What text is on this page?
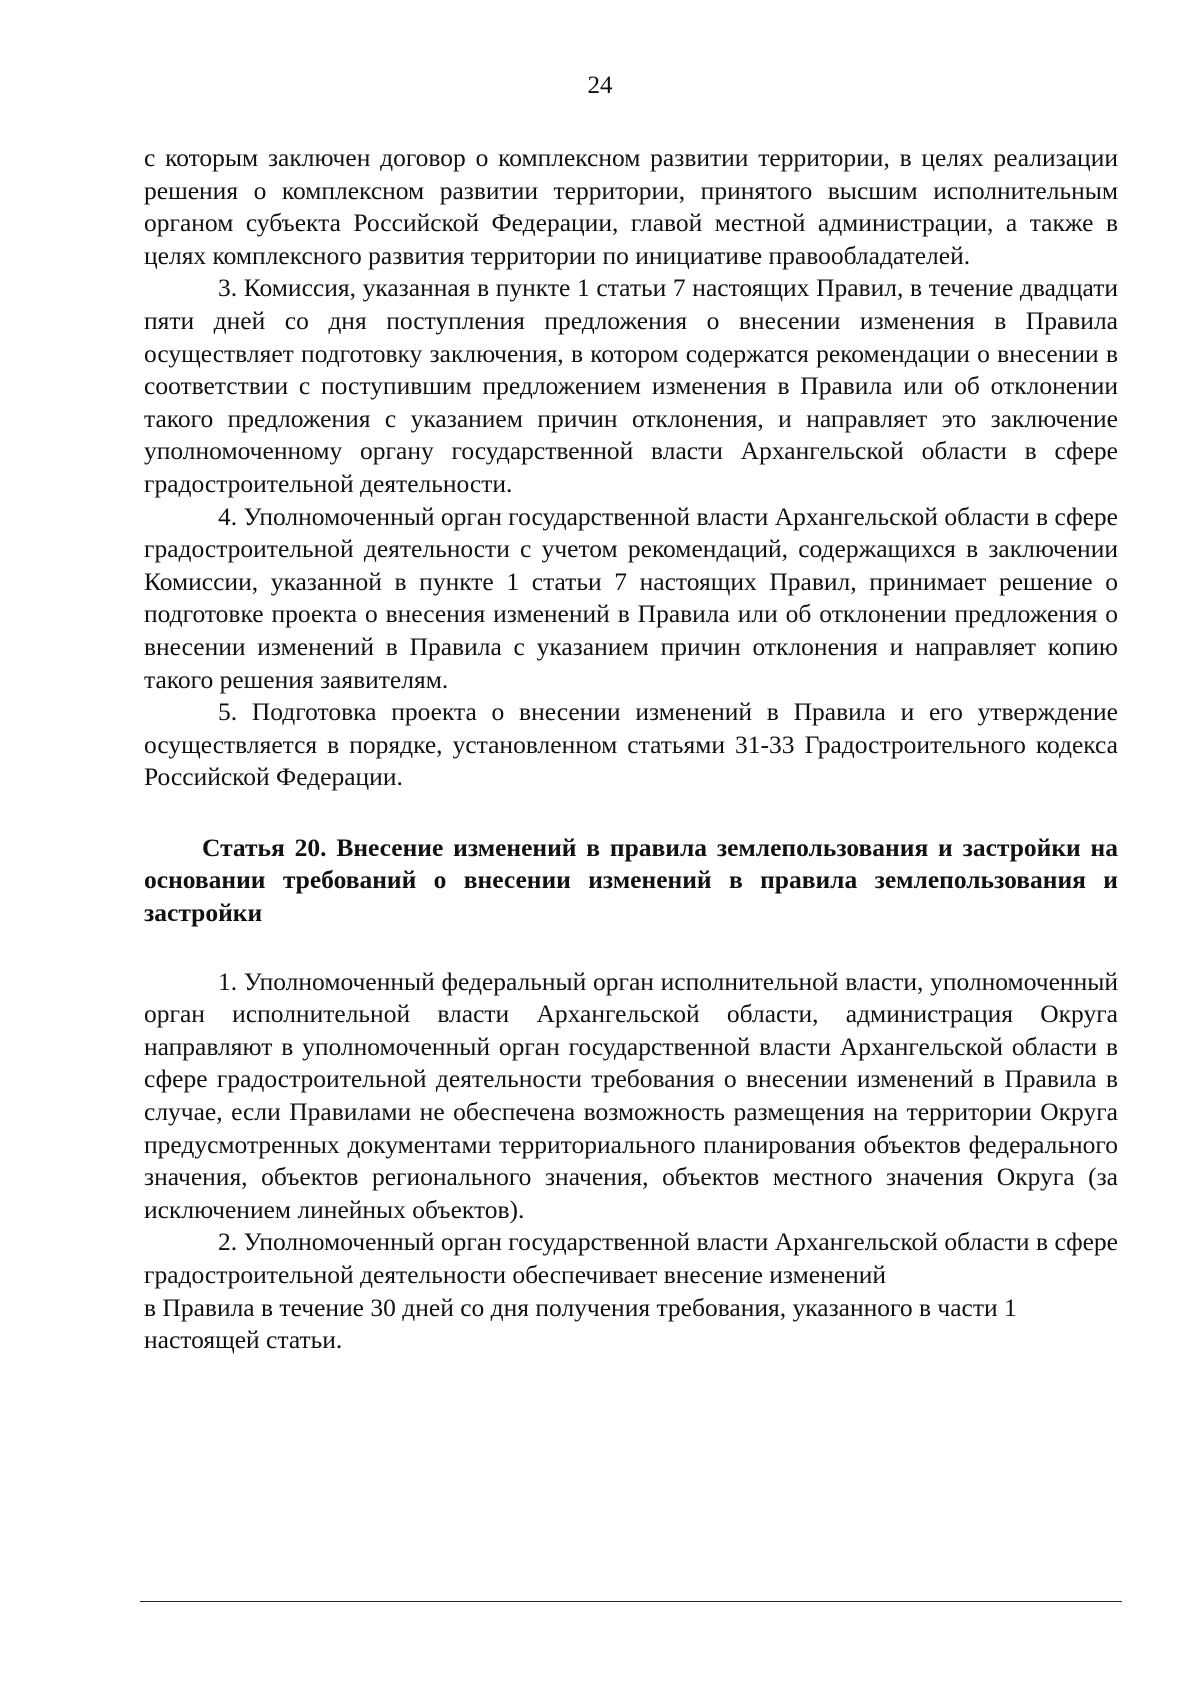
24

с которым заключен договор о комплексном развитии территории, в целях реализации решения о комплексном развитии территории, принятого высшим исполнительным органом субъекта Российской Федерации, главой местной администрации, а также в целях комплексного развития территории по инициативе правообладателей.

3. Комиссия, указанная в пункте 1 статьи 7 настоящих Правил, в течение двадцати пяти дней со дня поступления предложения о внесении изменения в Правила осуществляет подготовку заключения, в котором содержатся рекомендации о внесении в соответствии с поступившим предложением изменения в Правила или об отклонении такого предложения с указанием причин отклонения, и направляет это заключение уполномоченному органу государственной власти Архангельской области в сфере градостроительной деятельности.

4. Уполномоченный орган государственной власти Архангельской области в сфере градостроительной деятельности с учетом рекомендаций, содержащихся в заключении Комиссии, указанной в пункте 1 статьи 7 настоящих Правил, принимает решение о подготовке проекта о внесения изменений в Правила или об отклонении предложения о внесении изменений в Правила с указанием причин отклонения и направляет копию такого решения заявителям.

5. Подготовка проекта о внесении изменений в Правила и его утверждение осуществляется в порядке, установленном статьями 31-33 Градостроительного кодекса Российской Федерации.

Статья 20. Внесение изменений в правила землепользования и застройки на основании требований о внесении изменений в правила землепользования и застройки

1. Уполномоченный федеральный орган исполнительной власти, уполномоченный орган исполнительной власти Архангельской области, администрация Округа направляют в уполномоченный орган государственной власти Архангельской области в сфере градостроительной деятельности требования о внесении изменений в Правила в случае, если Правилами не обеспечена возможность размещения на территории Округа предусмотренных документами территориального планирования объектов федерального значения, объектов регионального значения, объектов местного значения Округа (за исключением линейных объектов).

2. Уполномоченный орган государственной власти Архангельской области в сфере градостроительной деятельности обеспечивает внесение изменений

в Правила в течение 30 дней со дня получения требования, указанного в части 1 настоящей статьи.
